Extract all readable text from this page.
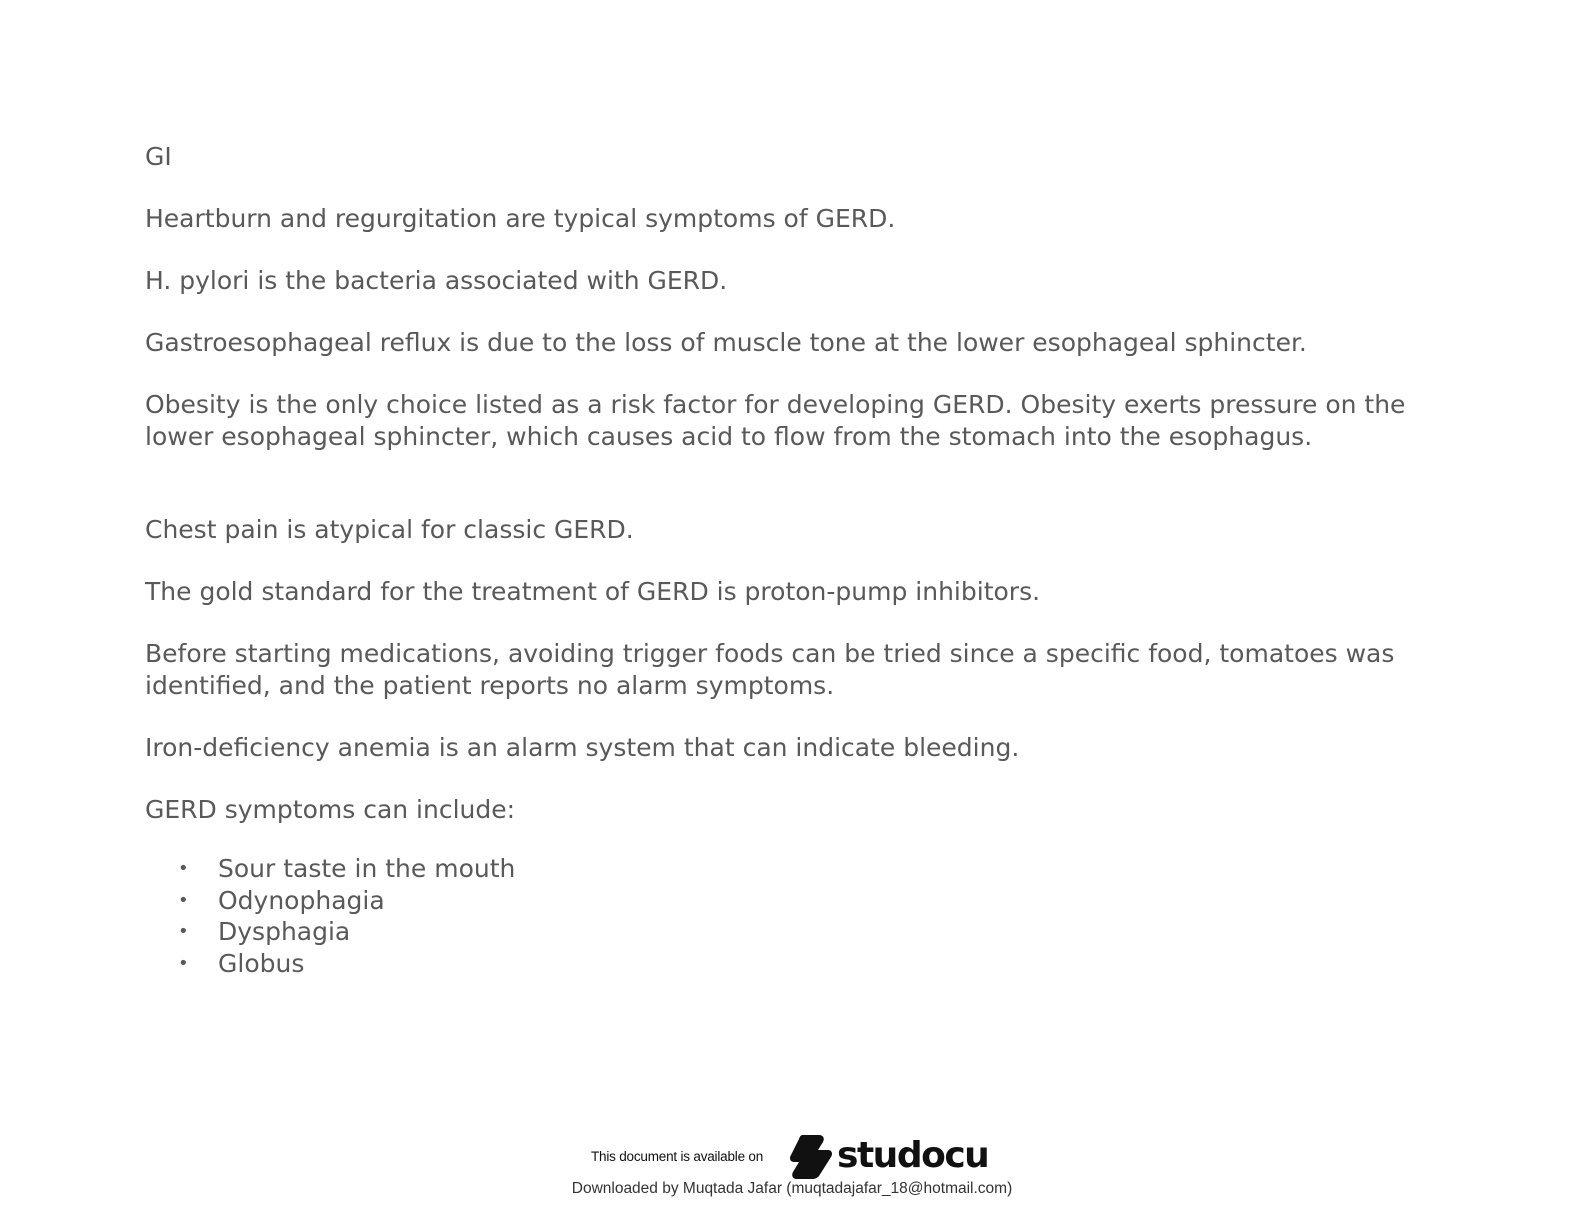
GI

Heartburn and regurgitation are typical symptoms of GERD.

H. pylori is the bacteria associated with GERD.

Gastroesophageal reflux is due to the loss of muscle tone at the lower esophageal sphincter.

Obesity is the only choice listed as a risk factor for developing GERD. Obesity exerts pressure on the lower esophageal sphincter, which causes acid to flow from the stomach into the esophagus.

Chest pain is atypical for classic GERD.

The gold standard for the treatment of GERD is proton-pump inhibitors.

Before starting medications, avoiding trigger foods can be tried since a specific food, tomatoes was identified, and the patient reports no alarm symptoms.

Iron-deficiency anemia is an alarm system that can indicate bleeding.

GERD symptoms can include:

• Sour taste in the mouth
• Odynophagia
• Dysphagia
• Globus
This document is available on studocu
Downloaded by Muqtada Jafar (muqtadajafar_18@hotmail.com)
